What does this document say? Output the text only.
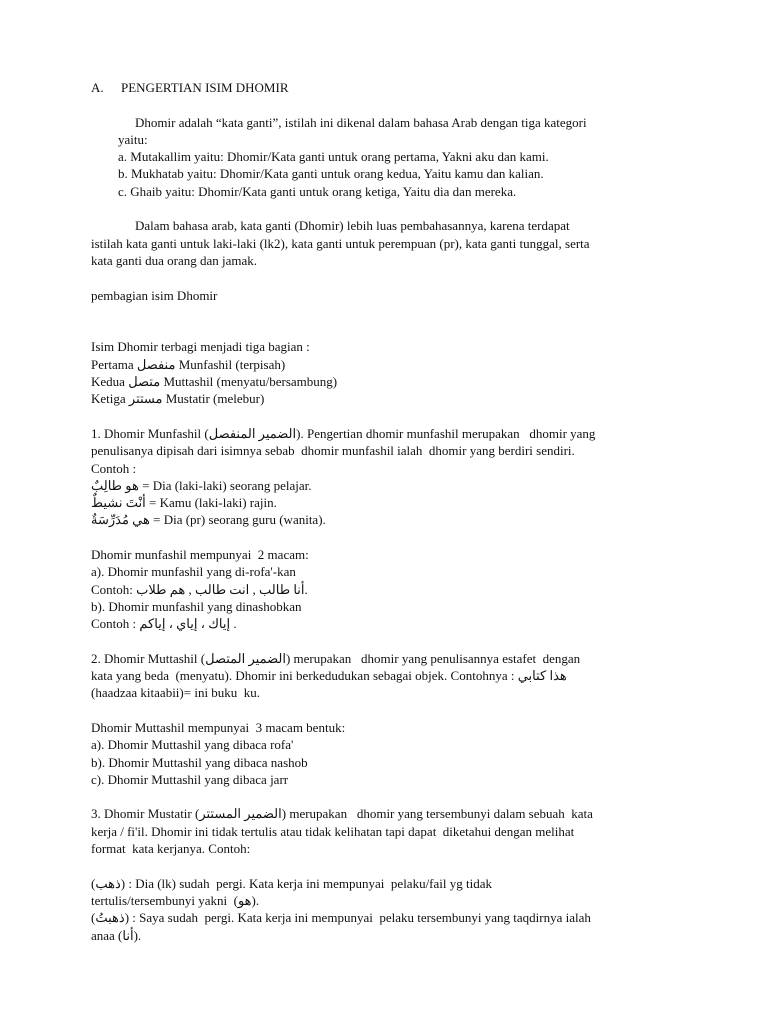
A. PENGERTIAN ISIM DHOMIR
Dhomir adalah “kata ganti”, istilah ini dikenal dalam bahasa Arab dengan tiga kategori
yaitu:
a. Mutakallim yaitu: Dhomir/Kata ganti untuk orang pertama, Yakni aku dan kami.
b. Mukhatab yaitu: Dhomir/Kata ganti untuk orang kedua, Yaitu kamu dan kalian.
c. Ghaib yaitu: Dhomir/Kata ganti untuk orang ketiga, Yaitu dia dan mereka.
Dalam bahasa arab, kata ganti (Dhomir) lebih luas pembahasannya, karena terdapat
istilah kata ganti untuk laki-laki (lk2), kata ganti untuk perempuan (pr), kata ganti tunggal, serta
kata ganti dua orang dan jamak.
pembagian isim Dhomir
Isim Dhomir terbagi menjadi tiga bagian :
Pertama منفصل Munfashil (terpisah)
Kedua متصل Muttashil (menyatu/bersambung)
Ketiga مستتر Mustatir (melebur)
1. Dhomir Munfashil (الضمير المنفصل). Pengertian dhomir munfashil merupakan   dhomir yang
penulisanya dipisah dari isimnya sebab  dhomir munfashil ialah  dhomir yang berdiri sendiri.
Contoh :
هو طالِبٌ = Dia (laki-laki) seorang pelajar.
أنْتَ نشيطٌ = Kamu (laki-laki) rajin.
هي مُدَرِّسَةٌ = Dia (pr) seorang guru (wanita).
Dhomir munfashil mempunyai  2 macam:
a). Dhomir munfashil yang di-rofa'-kan
Contoh: أنا طالب , انت طالب , هم طلاب.
b). Dhomir munfashil yang dinashobkan
Contoh : إياك ، إياي ، إياكم .
2. Dhomir Muttashil (الضمير المتصل) merupakan   dhomir yang penulisannya estafet  dengan
kata yang beda  (menyatu). Dhomir ini berkedudukan sebagai objek. Contohnya : هذا كتابي
(haadzaa kitaabii)= ini buku  ku.
Dhomir Muttashil mempunyai  3 macam bentuk:
a). Dhomir Muttashil yang dibaca rofa'
b). Dhomir Muttashil yang dibaca nashob
c). Dhomir Muttashil yang dibaca jarr
3. Dhomir Mustatir (الضمير المستتر) merupakan   dhomir yang tersembunyi dalam sebuah  kata
kerja / fi'il. Dhomir ini tidak tertulis atau tidak kelihatan tapi dapat  diketahui dengan melihat
format  kata kerjanya. Contoh:
(ذهب) : Dia (lk) sudah  pergi. Kata kerja ini mempunyai  pelaku/fail yg tidak
tertulis/tersembunyi yakni  (هو).
(ذهبتُ) : Saya sudah  pergi. Kata kerja ini mempunyai  pelaku tersembunyi yang taqdirnya ialah
anaa (أنا).
